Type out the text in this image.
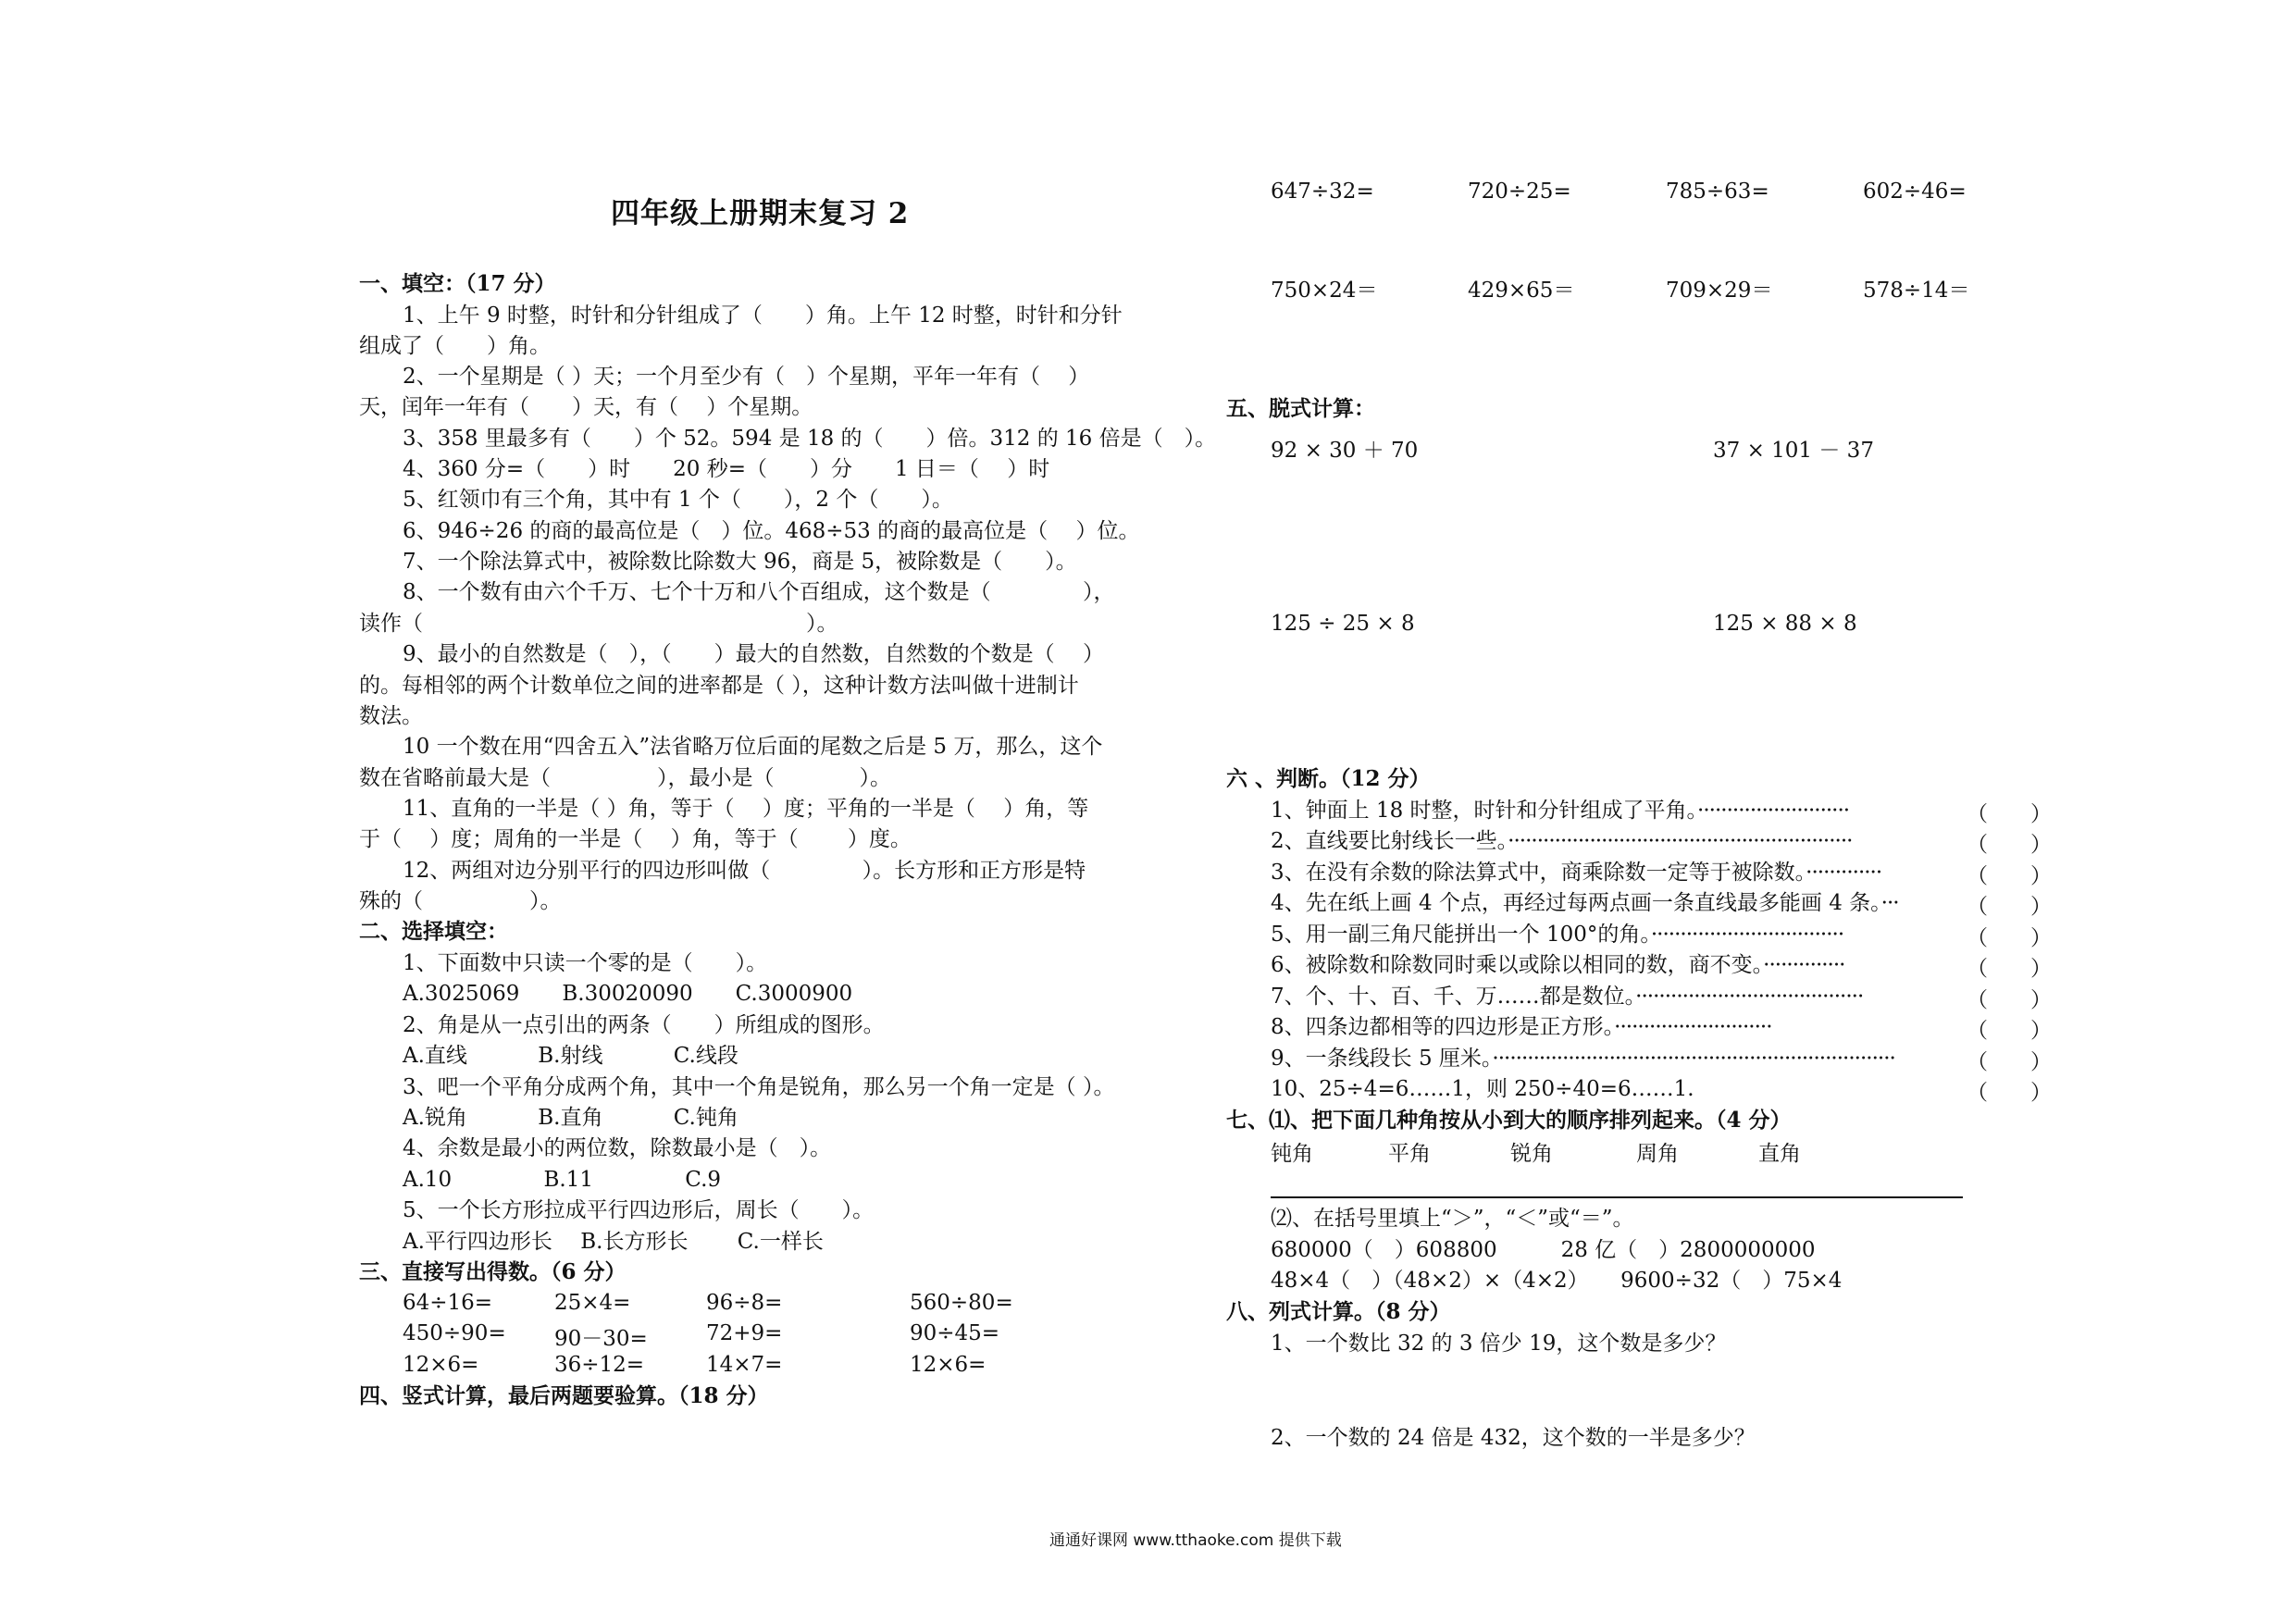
四年级上册期末复习 2
一、填空：（17 分）
1、上午 9 时整，时针和分针组成了（　　）角。上午 12 时整，时针和分针
组成了（　　）角。
2、一个星期是（ ）天；一个月至少有（　）个星期，平年一年有（　 ）
天，闰年一年有（　　）天，有（　 ）个星期。
3、358 里最多有（　　）个 52。594 是 18 的（　　）倍。312 的 16 倍是（　）。
4、360 分=（　　）时　　20 秒=（　　）分　　1 日＝（　 ）时
5、红领巾有三个角，其中有 1 个（　　），2 个（　　）。
6、946÷26 的商的最高位是（　）位。468÷53 的商的最高位是（　 ）位。
7、一个除法算式中，被除数比除数大 96，商是 5，被除数是（　　）。
8、一个数有由六个千万、七个十万和八个百组成，这个数是（　　　　 ），
读作（　　　　　　　　　　　　　　　　　　）。
9、最小的自然数是（　），（　　）最大的自然数，自然数的个数是（　 ）
的。每相邻的两个计数单位之间的进率都是（ ），这种计数方法叫做十进制计
数法。
10 一个数在用“四舍五入”法省略万位后面的尾数之后是 5 万，那么，这个
数在省略前最大是（　　　　　），最小是（　　　　）。
11、直角的一半是（ ）角，等于（　 ）度；平角的一半是（　 ）角，等
于（　 ）度；周角的一半是（　 ）角，等于（　　 ）度。
12、两组对边分别平行的四边形叫做（　　　　 ）。长方形和正方形是特
殊的（　　　　　）。
二、选择填空：
1、下面数中只读一个零的是（　　）。
A.3025069　　B.30020090　　C.3000900
2、角是从一点引出的两条（　　）所组成的图形。
A.直线　　　 B.射线　　　 C.线段
3、吧一个平角分成两个角，其中一个角是锐角，那么另一个角一定是（ ）。
A.锐角　　　 B.直角　　　 C.钝角
4、余数是最小的两位数，除数最小是（　）。
A.10　　　　 B.11　　　　 C.9
5、一个长方形拉成平行四边形后，周长（　　）。
A.平行四边形长　 B.长方形长　　 C.一样长
三、直接写出得数。（6 分）
64÷16=	25×4=	96÷8=	560÷80=
450÷90=	90－30=	72+9=	90÷45=
12×6=	36÷12=	14×7=	12×6=
四、竖式计算，最后两题要验算。（18 分）
647÷32=	720÷25=	785÷63=	602÷46=
750×24＝	429×65＝	709×29＝	578÷14＝
五、脱式计算：
92 × 30 ＋ 70	37 × 101 － 37
125 ÷ 25 × 8	125 × 88 × 8
六 、判断。（12 分）
1、钟面上 18 时整，时针和分针组成了平角。··························	（　　）
2、直线要比射线长一些。···························································	（　　）
3、在没有余数的除法算式中，商乘除数一定等于被除数。·············	（　　）
4、先在纸上画 4 个点，再经过每两点画一条直线最多能画 4 条。···	（　　）
5、用一副三角尺能拼出一个 100°的角。·································	（　　）
6、被除数和除数同时乘以或除以相同的数，商不变。··············	（　　）
7、个、十、百、千、万……都是数位。·······································	（　　）
8、四条边都相等的四边形是正方形。···························	（　　）
9、一条线段长 5 厘米。·····································································	（　　）
10、25÷4=6……1，则 250÷40=6……1.	（　　）
七、⑴、把下面几种角按从小到大的顺序排列起来。（4 分）
钝角	平角	锐角	周角	直角
⑵、在括号里填上“＞”，“＜”或“＝”。
680000（　）608800　　　28 亿（　）2800000000
48×4（　）（48×2）×（4×2）　　9600÷32（　）75×4
八、列式计算。（8 分）
1、一个数比 32 的 3 倍少 19，这个数是多少？
2、一个数的 24 倍是 432，这个数的一半是多少？
通通好课网 www.tthaoke.com 提供下载
